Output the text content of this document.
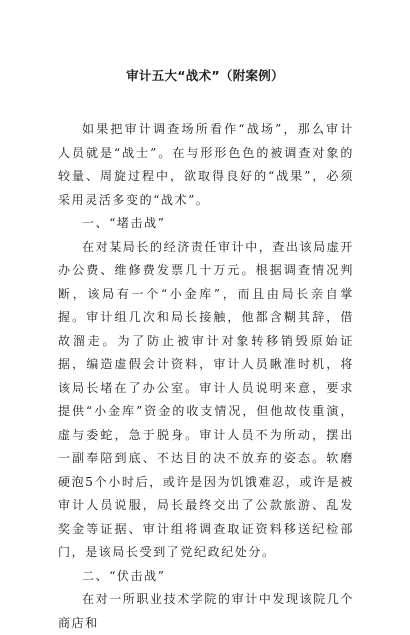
审计五大“战术”（附案例）

如果把审计调查场所看作“战场”，那么审计人员就是“战士”。在与形形色色的被调查对象的较量、周旋过程中，欲取得良好的“战果”，必须采用灵活多变的“战术”。

一、“堵击战”

在对某局长的经济责任审计中，查出该局虚开办公费、维修费发票几十万元。根据调查情况判断，该局有一个“小金库”，而且由局长亲自掌握。审计组几次和局长接触，他都含糊其辞，借故溜走。为了防止被审计对象转移销毁原始证据，编造虚假会计资料，审计人员瞅准时机，将该局长堵在了办公室。审计人员说明来意，要求提供“小金库”资金的收支情况，但他故伎重演，虚与委蛇，急于脱身。审计人员不为所动，摆出一副奉陪到底、不达目的决不放弃的姿态。软磨硬泡5个小时后，或许是因为饥饿难忍，或许是被审计人员说服，局长最终交出了公款旅游、乱发奖金等证据、审计组将调查取证资料移送纪检部门，是该局长受到了党纪政纪处分。

二、“伏击战”

在对一所职业技术学院的审计中发现该院几个商店和
